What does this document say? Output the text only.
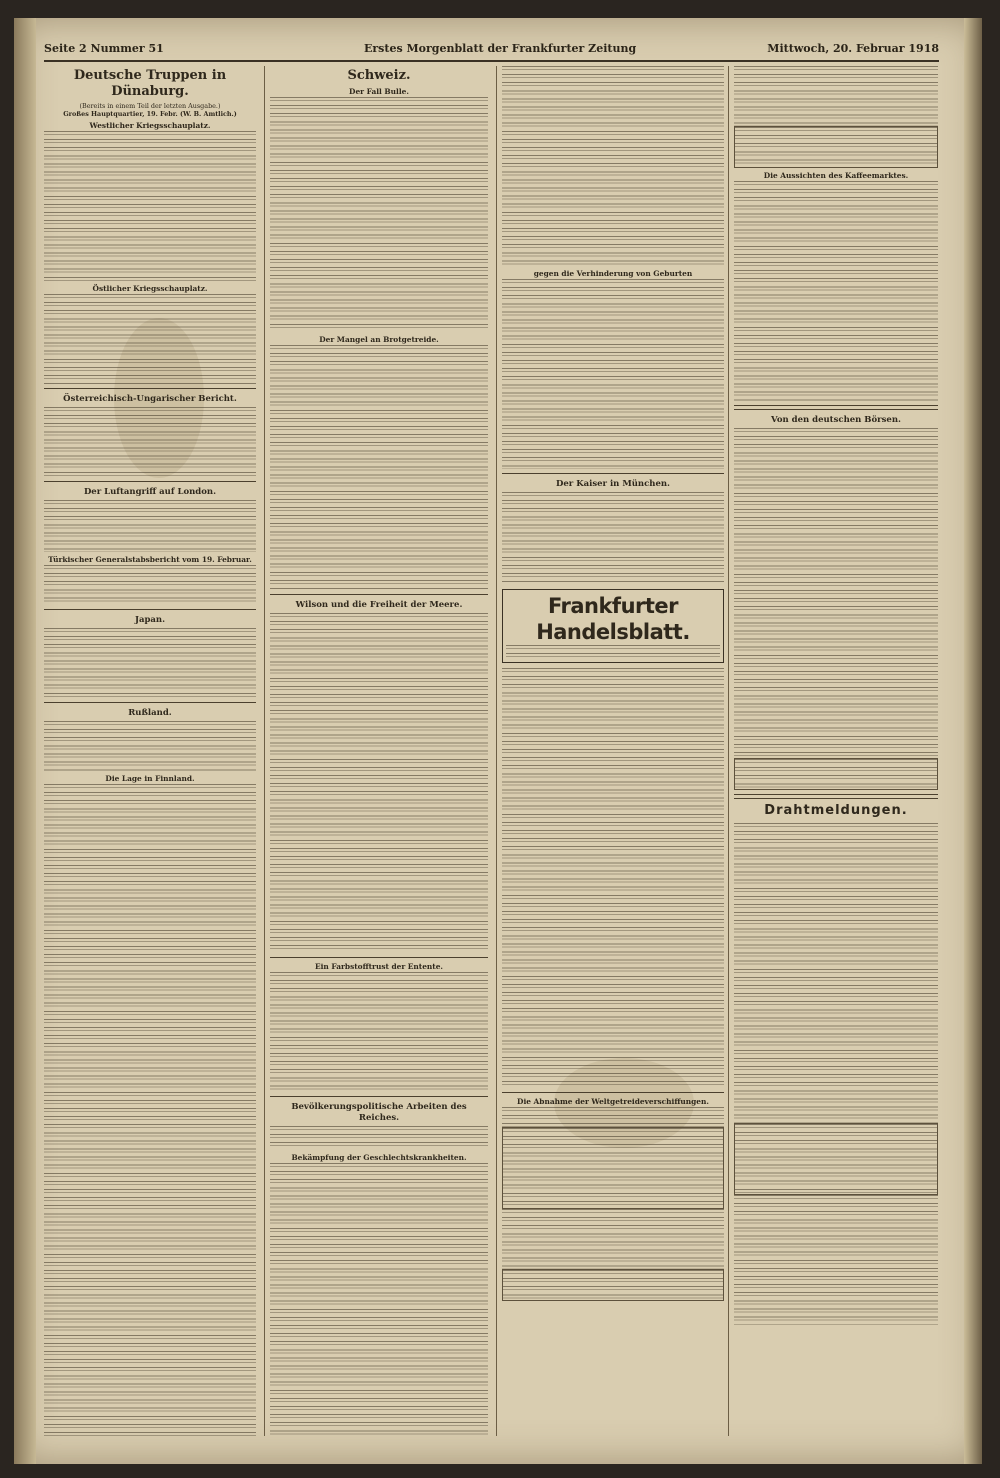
Seite 2 Nummer 51	Erstes Morgenblatt der Frankfurter Zeitung	Mittwoch, 20. Februar 1918
Deutsche Truppen in Dünaburg.
(Bereits in einem Teil der letzten Ausgabe.)
Großes Hauptquartier, 19. Febr. (W. B. Amtlich.)
Westlicher Kriegsschauplatz.
Östlicher Kriegsschauplatz.
Österreichisch-Ungarischer Bericht.
Der Luftangriff auf London.
Türkischer Generalstabsbericht vom 19. Februar.
Japan.
Rußland.
Die Lage in Finnland.
Schweiz.
Der Fall Bulle.
Der Mangel an Brotgetreide.
Wilson und die Freiheit der Meere.
Ein Farbstofftrust der Entente.
Bevölkerungspolitische Arbeiten des Reiches.
Bekämpfung der Geschlechtskrankheiten.
gegen die Verhinderung von Geburten
Der Kaiser in München.
Frankfurter Handelsblatt.
Die Abnahme der Weltgetreideverschiffungen.
Die Aussichten des Kaffeemarktes.
Von den deutschen Börsen.
Drahtmeldungen.
